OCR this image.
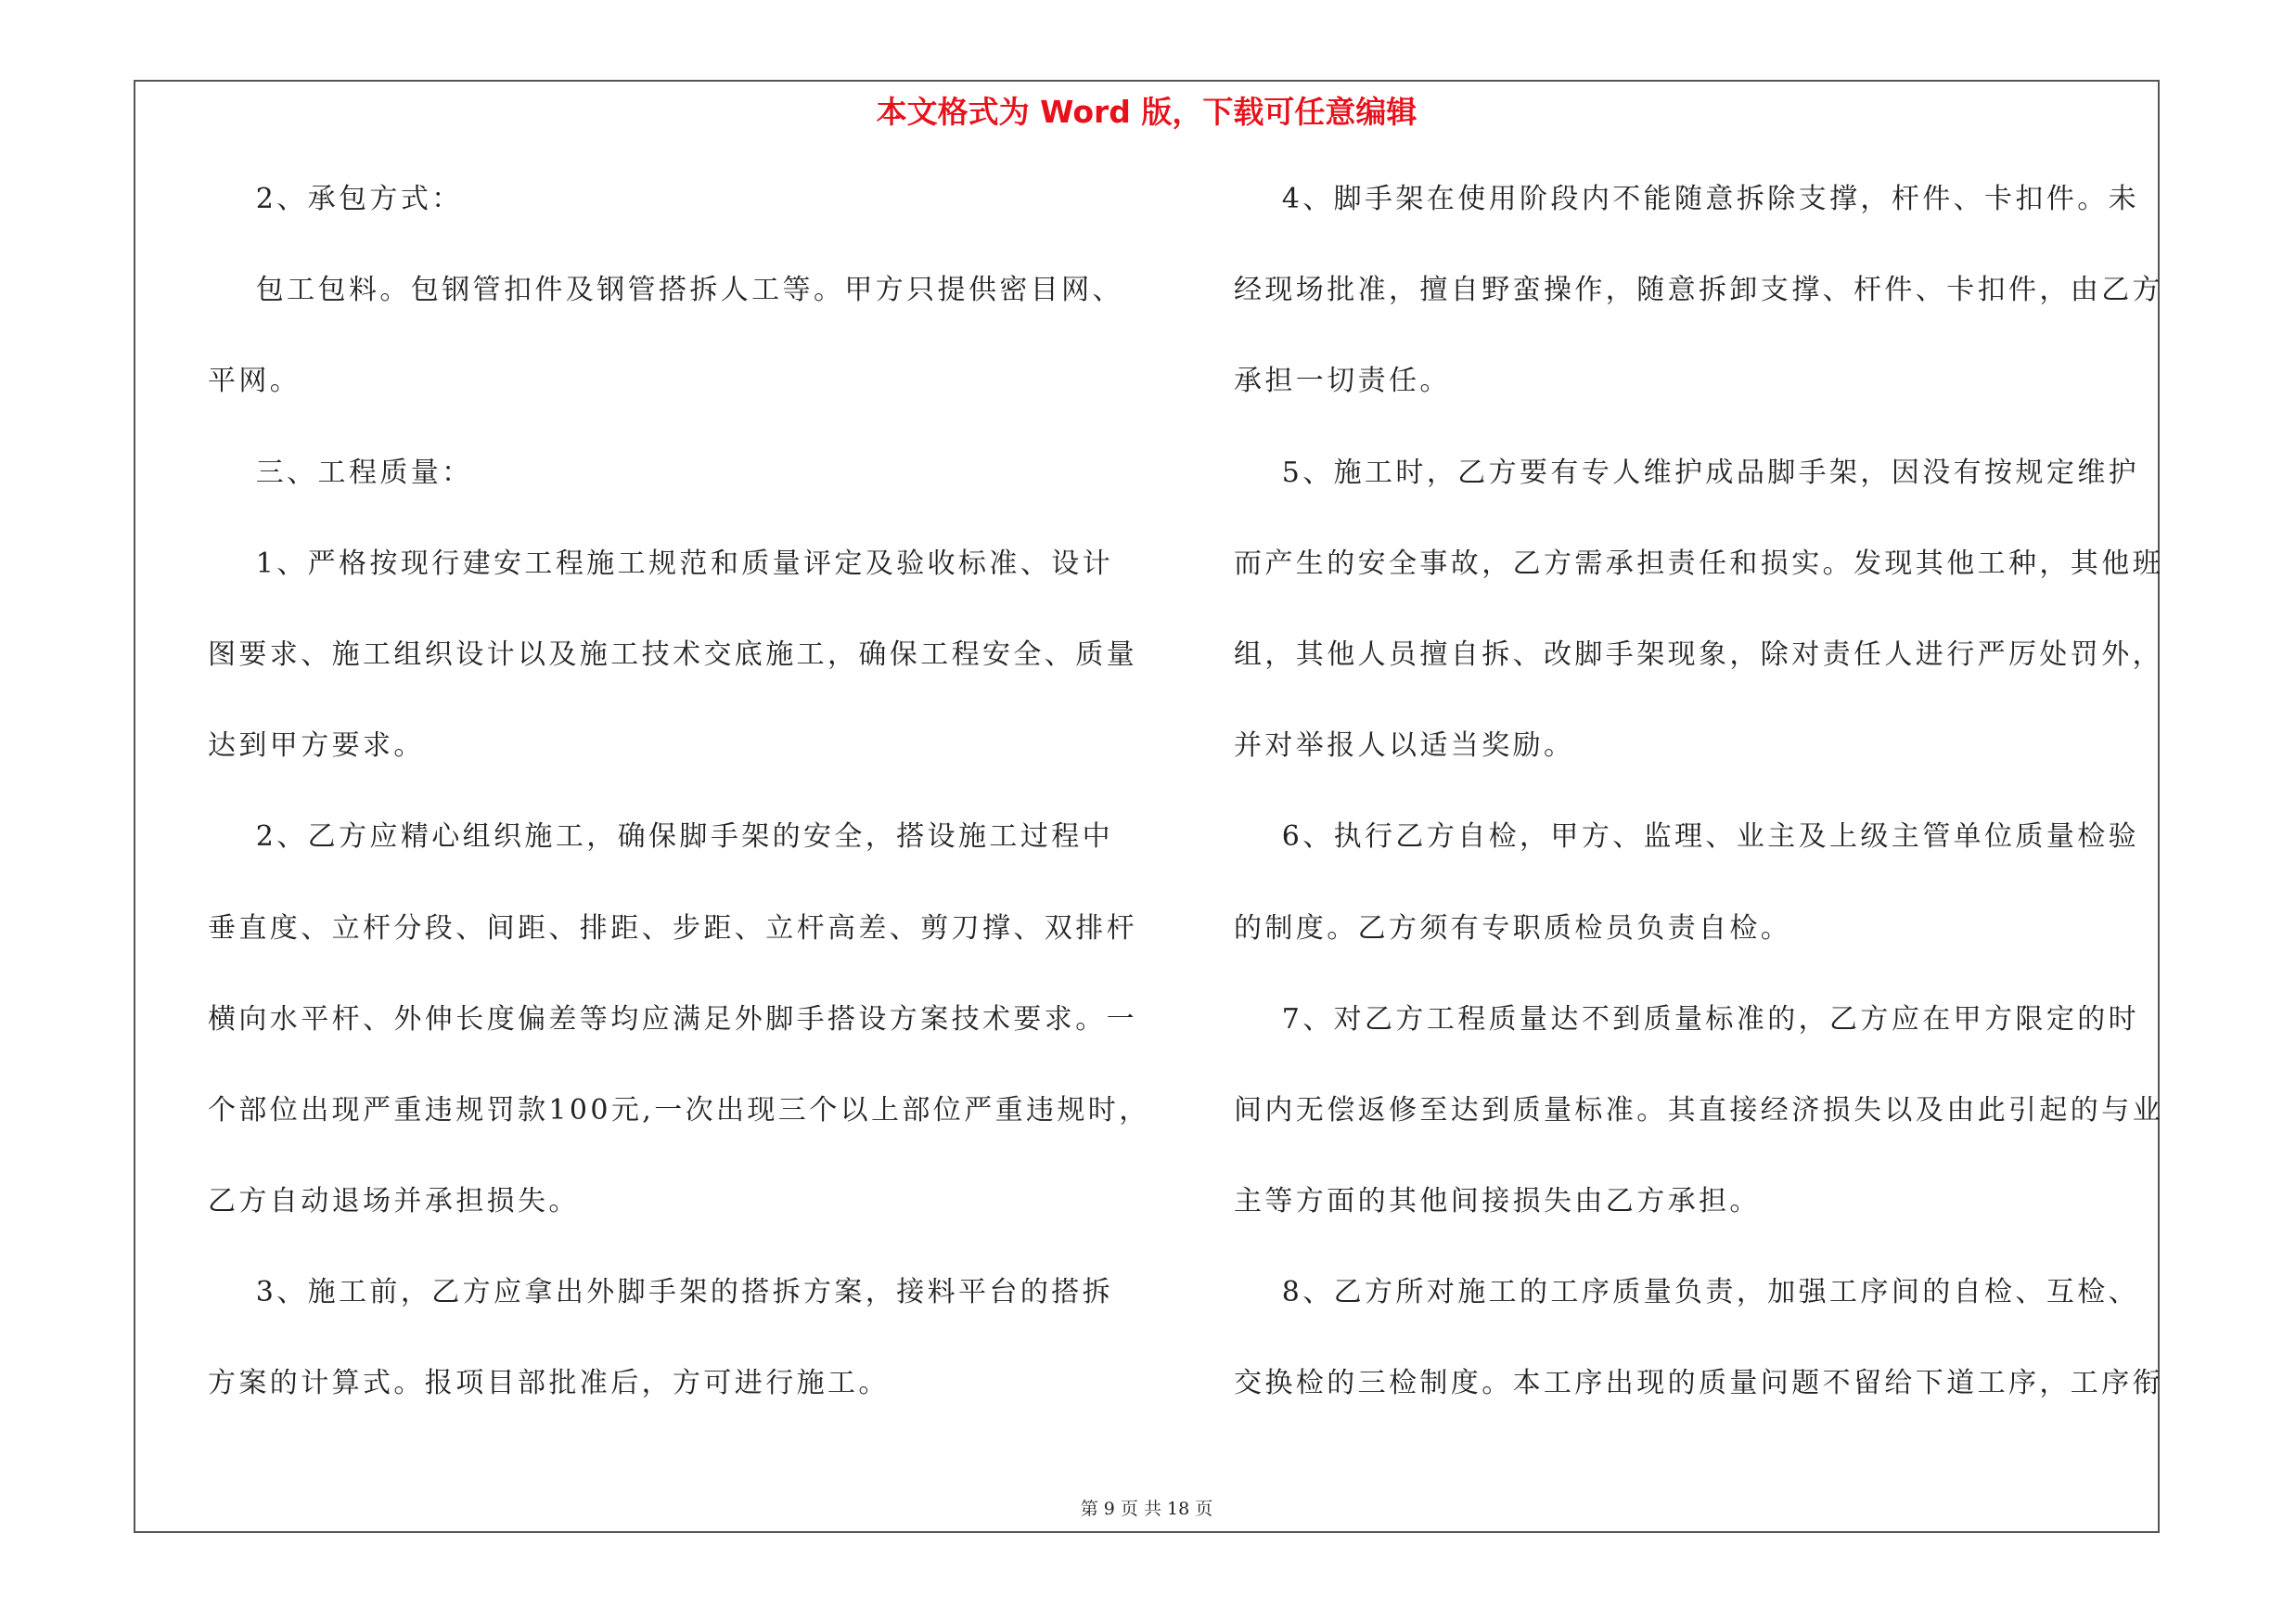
本文格式为 Word 版，下载可任意编辑
2、承包方式：
包工包料。包钢管扣件及钢管搭拆人工等。甲方只提供密目网、
平网。
三、工程质量：
1、严格按现行建安工程施工规范和质量评定及验收标准、设计
图要求、施工组织设计以及施工技术交底施工，确保工程安全、质量
达到甲方要求。
2、乙方应精心组织施工，确保脚手架的安全，搭设施工过程中
垂直度、立杆分段、间距、排距、步距、立杆高差、剪刀撑、双排杆
横向水平杆、外伸长度偏差等均应满足外脚手搭设方案技术要求。一
个部位出现严重违规罚款100元,一次出现三个以上部位严重违规时，
乙方自动退场并承担损失。
3、施工前，乙方应拿出外脚手架的搭拆方案，接料平台的搭拆
方案的计算式。报项目部批准后，方可进行施工。
4、脚手架在使用阶段内不能随意拆除支撑，杆件、卡扣件。未
经现场批准，擅自野蛮操作，随意拆卸支撑、杆件、卡扣件，由乙方
承担一切责任。
5、施工时，乙方要有专人维护成品脚手架，因没有按规定维护
而产生的安全事故，乙方需承担责任和损实。发现其他工种，其他班
组，其他人员擅自拆、改脚手架现象，除对责任人进行严厉处罚外，
并对举报人以适当奖励。
6、执行乙方自检，甲方、监理、业主及上级主管单位质量检验
的制度。乙方须有专职质检员负责自检。
7、对乙方工程质量达不到质量标准的，乙方应在甲方限定的时
间内无偿返修至达到质量标准。其直接经济损失以及由此引起的与业
主等方面的其他间接损失由乙方承担。
8、乙方所对施工的工序质量负责，加强工序间的自检、互检、
交换检的三检制度。本工序出现的质量问题不留给下道工序，工序衔
第 9 页 共 18 页
